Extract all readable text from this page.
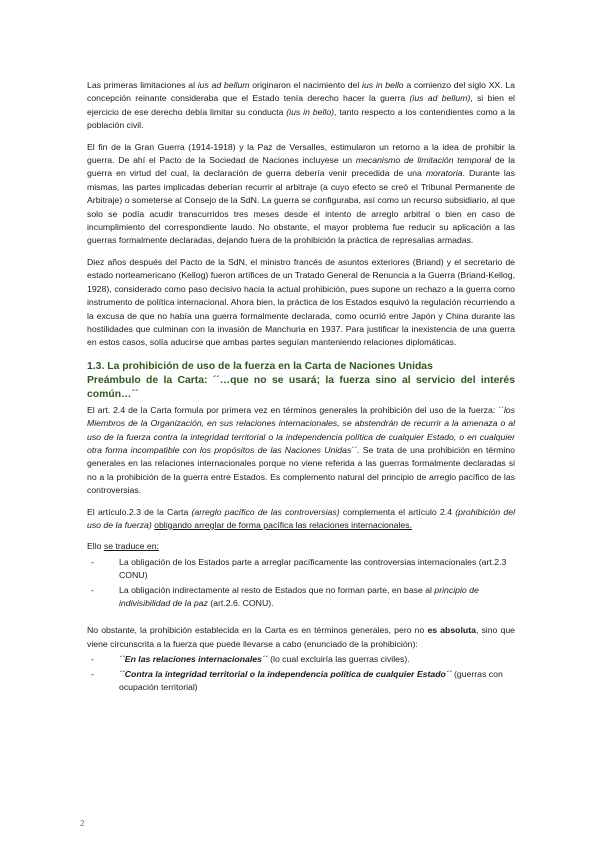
Las primeras limitaciones al ius ad bellum originaron el nacimiento del ius in bello a comienzo del siglo XX. La concepción reinante consideraba que el Estado tenía derecho hacer la guerra (ius ad bellum), si bien el ejercicio de ese derecho debía limitar su conducta (ius in bello), tanto respecto a los contendientes como a la población civil.

El fin de la Gran Guerra (1914-1918) y la Paz de Versalles, estimularon un retorno a la idea de prohibir la guerra. De ahí el Pacto de la Sociedad de Naciones incluyese un mecanismo de limitación temporal de la guerra en virtud del cual, la declaración de guerra debería venir precedida de una moratoria. Durante las mismas, las partes implicadas deberían recurrir al arbitraje (a cuyo efecto se creó el Tribunal Permanente de Arbitraje) o someterse al Consejo de la SdN. La guerra se configuraba, así como un recurso subsidiario, al que solo se podía acudir transcurridos tres meses desde el intento de arreglo arbitral o bien en caso de incumplimiento del correspondiente laudo. No obstante, el mayor problema fue reducir su aplicación a las guerras formalmente declaradas, dejando fuera de la prohibición la práctica de represalias armadas.

Diez años después del Pacto de la SdN, el ministro francés de asuntos exteriores (Briand) y el secretario de estado norteamericano (Kellog) fueron artífices de un Tratado General de Renuncia a la Guerra (Briand-Kellog, 1928), considerado como paso decisivo hacia la actual prohibición, pues supone un rechazo a la guerra como instrumento de política internacional. Ahora bien, la práctica de los Estados esquivó la regulación recurriendo a la excusa de que no había una guerra formalmente declarada, como ocurrió entre Japón y China durante las hostilidades que culminan con la invasión de Manchuria en 1937. Para justificar la inexistencia de una guerra en estos casos, solía aducirse que ambas partes seguían manteniendo relaciones diplomáticas.

1.3. La prohibición de uso de la fuerza en la Carta de Naciones Unidas
Preámbulo de la Carta: ´´…que no se usará; la fuerza sino al servicio del interés común…´´

El art. 2.4 de la Carta formula por primera vez en términos generales la prohibición del uso de la fuerza: ´´los Miembros de la Organización, en sus relaciones internacionales, se abstendrán de recurrir a la amenaza o al uso de la fuerza contra la integridad territorial o la independencia política de cualquier Estado, o en cualquier otra forma incompatible con los propósitos de las Naciones Unidas´´. Se trata de una prohibición en término generales en las relaciones internacionales porque no viene referida a las guerras formalmente declaradas si no a la prohibición de la guerra entre Estados. Es complemento natural del principio de arreglo pacífico de las controversias.

El artículo.2.3 de la Carta (arreglo pacífico de las controversias) complementa el artículo 2.4 (prohibición del uso de la fuerza) obligando arreglar de forma pacífica las relaciones internacionales.

Ello se traduce en:

-	La obligación de los Estados parte a arreglar pacíficamente las controversias internacionales (art.2.3 CONU)
-	La obligación indirectamente al resto de Estados que no forman parte, en base al principio de indivisibilidad de la paz (art.2.6. CONU).

No obstante, la prohibición establecida en la Carta es en términos generales, pero no es absoluta, sino que viene circunscrita a la fuerza que puede llevarse a cabo (enunciado de la prohibición):

-	´´En las relaciones internacionales´´ (lo cual excluiría las guerras civiles).
-	´´Contra la integridad territorial o la independencia política de cualquier Estado´´ (guerras con ocupación territorial)
2
